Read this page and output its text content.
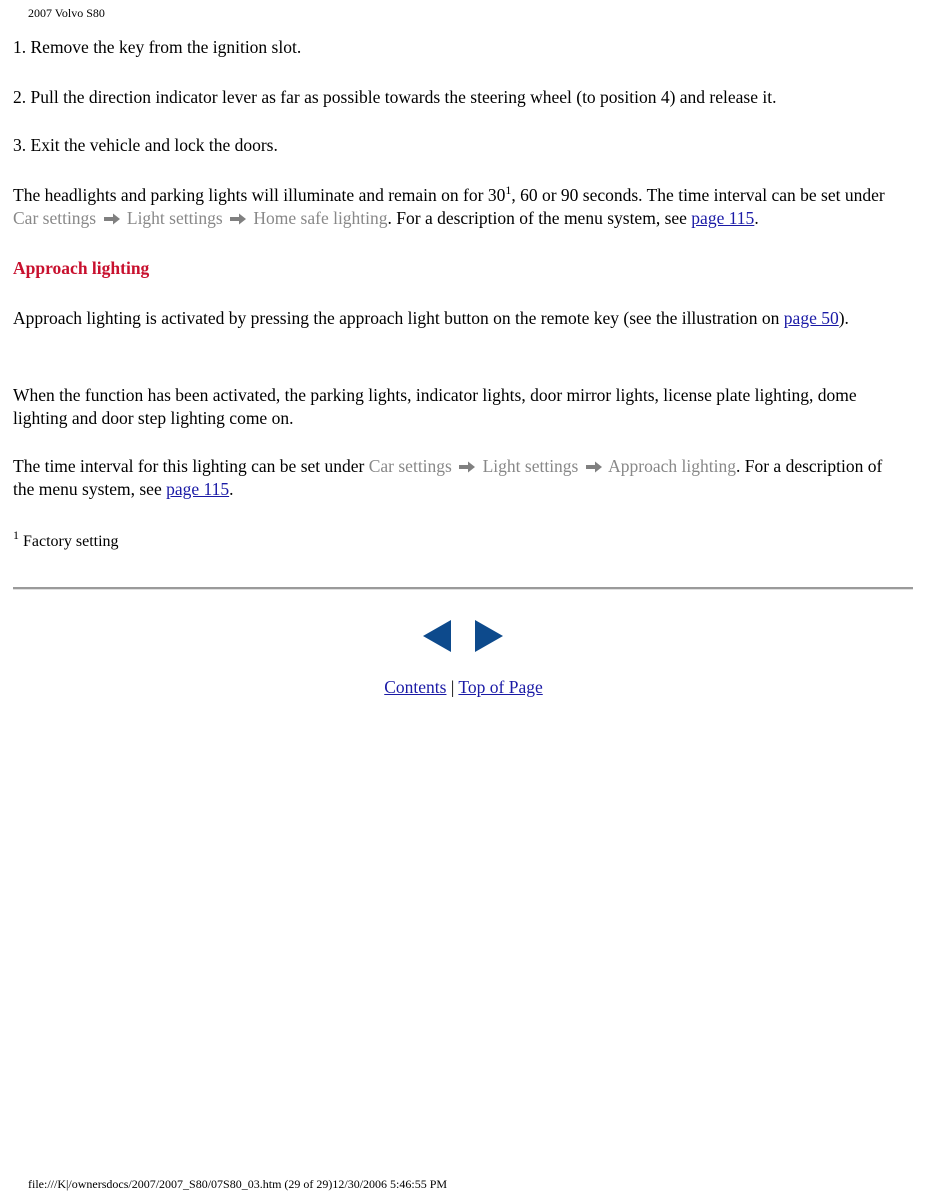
2007 Volvo S80
1. Remove the key from the ignition slot.
2. Pull the direction indicator lever as far as possible towards the steering wheel (to position 4) and release it.
3. Exit the vehicle and lock the doors.
The headlights and parking lights will illuminate and remain on for 30$^1$, 60 or 90 seconds. The time interval can be set under Car settings Light settings Home safe lighting. For a description of the menu system, see page 115.
Approach lighting
Approach lighting is activated by pressing the approach light button on the remote key (see the illustration on page 50).
When the function has been activated, the parking lights, indicator lights, door mirror lights, license plate lighting, dome lighting and door step lighting come on.
The time interval for this lighting can be set under Car settings Light settings Approach lighting. For a description of the menu system, see page 115.
$^1$ Factory setting
Contents | Top of Page
file:///K|/ownersdocs/2007/2007_S80/07S80_03.htm (29 of 29)12/30/2006 5:46:55 PM
